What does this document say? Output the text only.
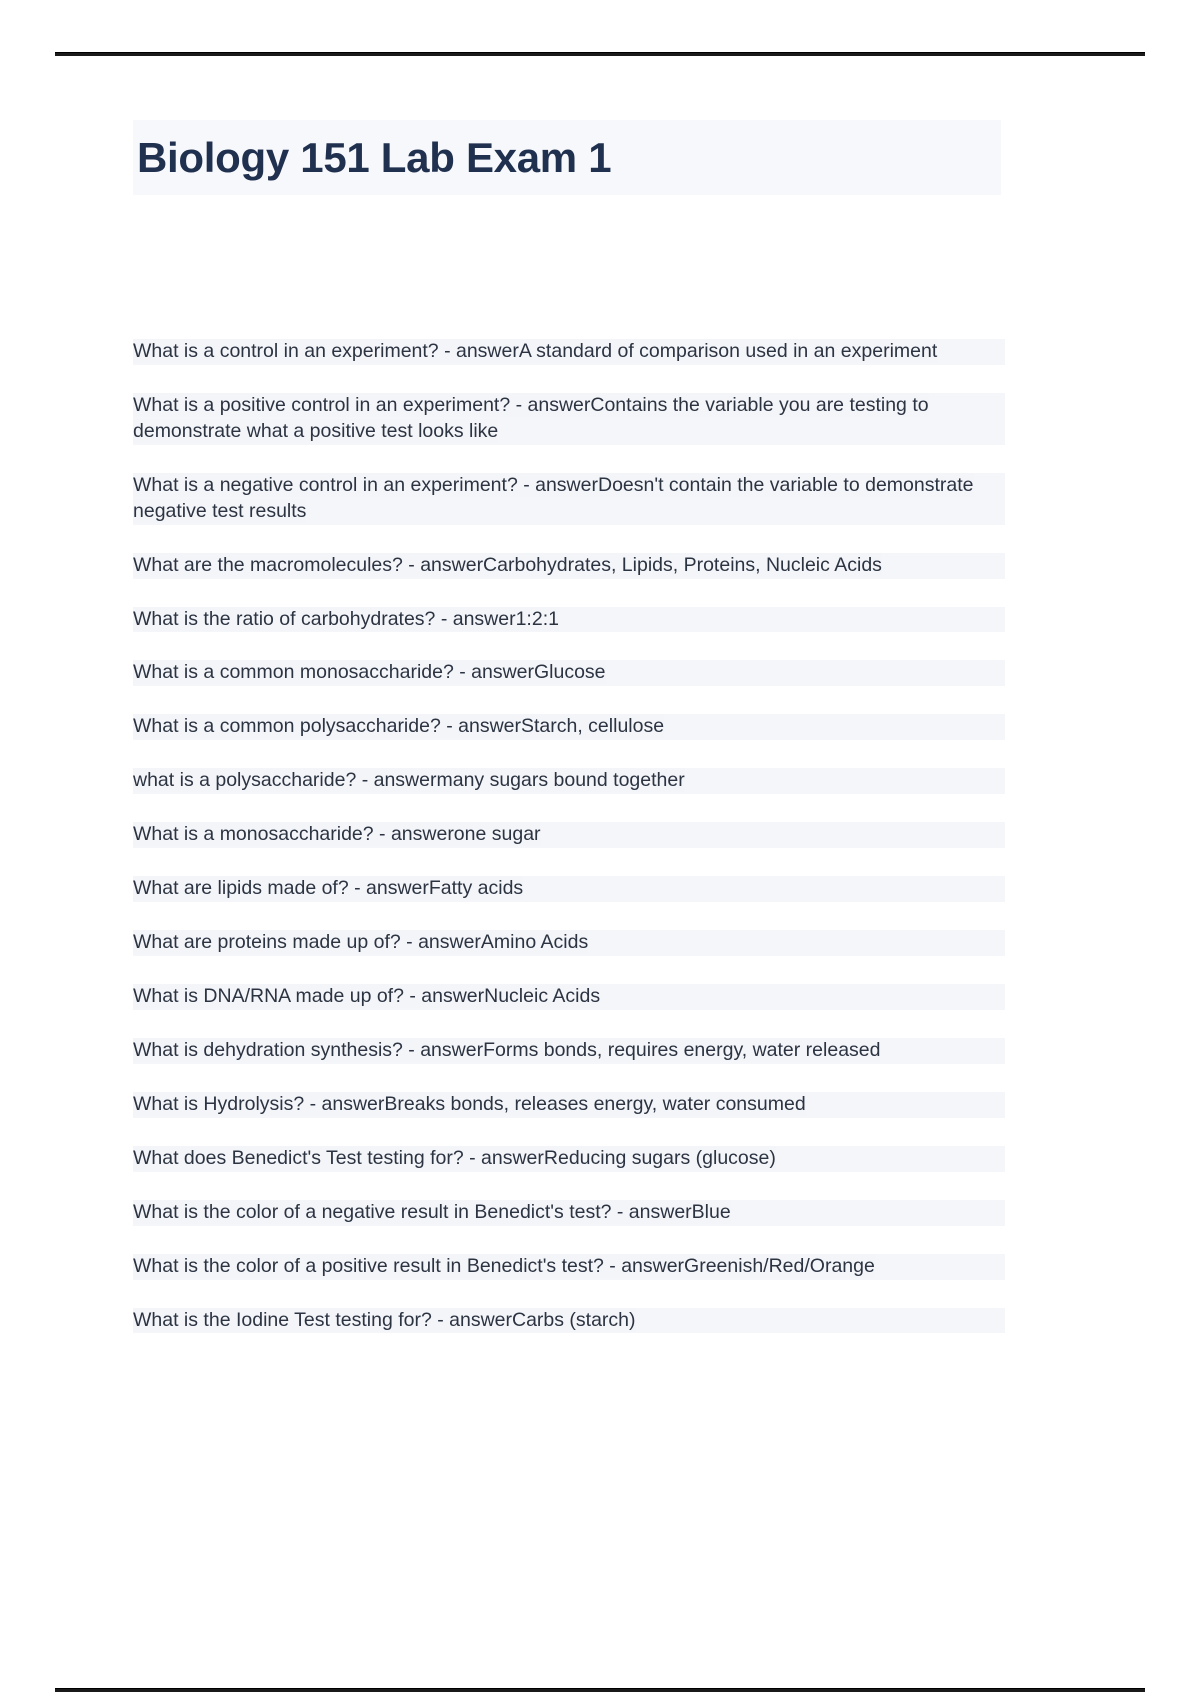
Biology 151 Lab Exam 1

What is a control in an experiment? - answerA standard of comparison used in an experiment

What is a positive control in an experiment? - answerContains the variable you are testing to demonstrate what a positive test looks like

What is a negative control in an experiment? - answerDoesn't contain the variable to demonstrate negative test results

What are the macromolecules? - answerCarbohydrates, Lipids, Proteins, Nucleic Acids

What is the ratio of carbohydrates? - answer1:2:1

What is a common monosaccharide? - answerGlucose

What is a common polysaccharide? - answerStarch, cellulose

what is a polysaccharide? - answermany sugars bound together

What is a monosaccharide? - answerone sugar

What are lipids made of? - answerFatty acids

What are proteins made up of? - answerAmino Acids

What is DNA/RNA made up of? - answerNucleic Acids

What is dehydration synthesis? - answerForms bonds, requires energy, water released

What is Hydrolysis? - answerBreaks bonds, releases energy, water consumed

What does Benedict's Test testing for? - answerReducing sugars (glucose)

What is the color of a negative result in Benedict's test? - answerBlue

What is the color of a positive result in Benedict's test? - answerGreenish/Red/Orange

What is the Iodine Test testing for? - answerCarbs (starch)
